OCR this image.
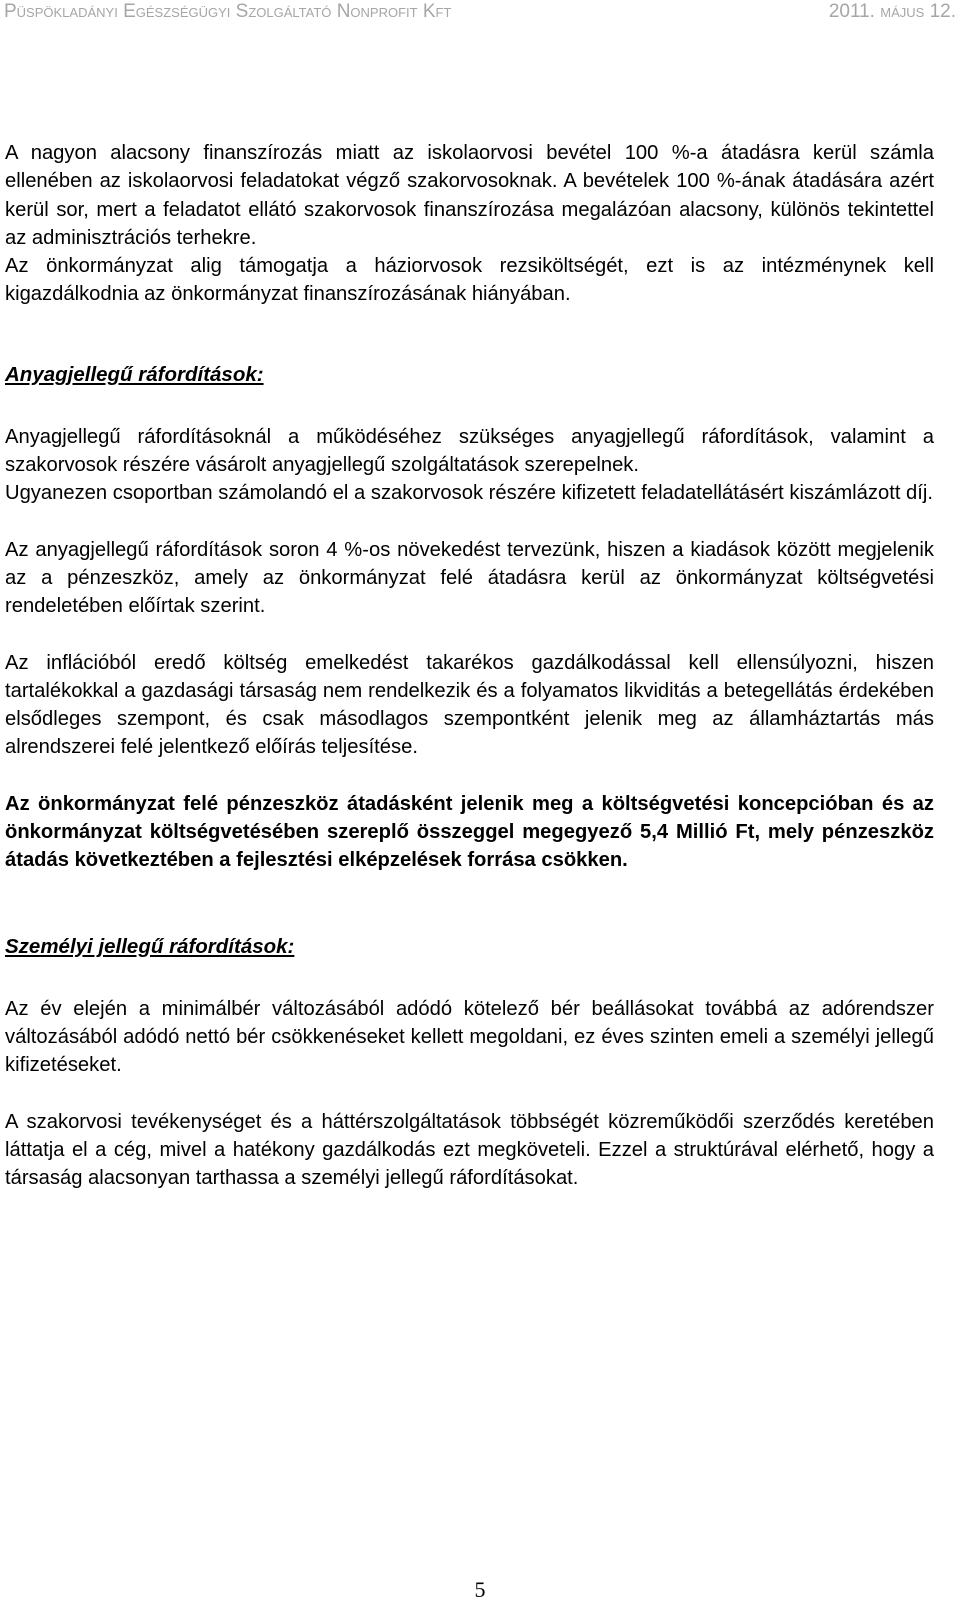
Püspökladányi Egészségügyi Szolgáltató Nonprofit Kft	2011. május 12.

A nagyon alacsony finanszírozás miatt az iskolaorvosi bevétel 100 %-a átadásra kerül számla ellenében az iskolaorvosi feladatokat végző szakorvosoknak. A bevételek 100 %-ának átadására azért kerül sor, mert a feladatot ellátó szakorvosok finanszírozása megalázóan alacsony, különös tekintettel az adminisztrációs terhekre.

Az önkormányzat alig támogatja a háziorvosok rezsiköltségét, ezt is az intézménynek kell kigazdálkodnia az önkormányzat finanszírozásának hiányában.

Anyagjellegű ráfordítások:

Anyagjellegű ráfordításoknál a működéséhez szükséges anyagjellegű ráfordítások, valamint a szakorvosok részére vásárolt anyagjellegű szolgáltatások szerepelnek.

Ugyanezen csoportban számolandó el a szakorvosok részére kifizetett feladatellátásért kiszámlázott díj.

Az anyagjellegű ráfordítások soron 4 %-os növekedést tervezünk, hiszen a kiadások között megjelenik az a pénzeszköz, amely az önkormányzat felé átadásra kerül az önkormányzat költségvetési rendeletében előírtak szerint.

Az inflációból eredő költség emelkedést takarékos gazdálkodással kell ellensúlyozni, hiszen tartalékokkal a gazdasági társaság nem rendelkezik és a folyamatos likviditás a betegellátás érdekében elsődleges szempont, és csak másodlagos szempontként jelenik meg az államháztartás más alrendszerei felé jelentkező előírás teljesítése.

Az önkormányzat felé pénzeszköz átadásként jelenik meg a költségvetési koncepcióban és az önkormányzat költségvetésében szereplő összeggel megegyező 5,4 Millió Ft, mely pénzeszköz átadás következtében a fejlesztési elképzelések forrása csökken.

Személyi jellegű ráfordítások:

Az év elején a minimálbér változásából adódó kötelező bér beállásokat továbbá az adórendszer változásából adódó nettó bér csökkenéseket kellett megoldani, ez éves szinten emeli a személyi jellegű kifizetéseket.

A szakorvosi tevékenységet és a háttérszolgáltatások többségét közreműködői szerződés keretében láttatja el a cég, mivel a hatékony gazdálkodás ezt megköveteli. Ezzel a struktúrával elérhető, hogy a társaság alacsonyan tarthassa a személyi jellegű ráfordításokat.

5
